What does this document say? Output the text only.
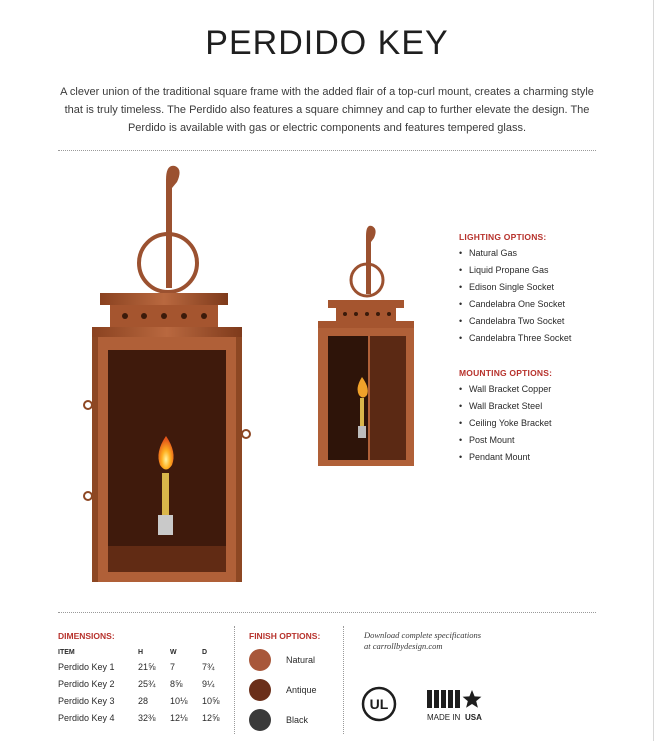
PERDIDO KEY

A clever union of the traditional square frame with the added flair of a top-curl mount, creates a charming style that is truly timeless. The Perdido also features a square chimney and cap to further elevate the design. The Perdido is available with gas or electric components and features tempered glass.

LIGHTING OPTIONS:
• Natural Gas
• Liquid Propane Gas
• Edison Single Socket
• Candelabra One Socket
• Candelabra Two Socket
• Candelabra Three Socket
MOUNTING OPTIONS:
• Wall Bracket Copper
• Wall Bracket Steel
• Ceiling Yoke Bracket
• Post Mount
• Pendant Mount
DIMENSIONS:
ITEM	H	W	D
Perdido Key 1	21⅝	7	7¾
Perdido Key 2	25¾	8⅝	9¼
Perdido Key 3	28	10⅛	10⅝
Perdido Key 4	32⅜	12⅛	12⅝
FINISH OPTIONS:
Natural
Antique
Black
Download complete specifications
at carrollbydesign.com
UL
MADE IN USA
